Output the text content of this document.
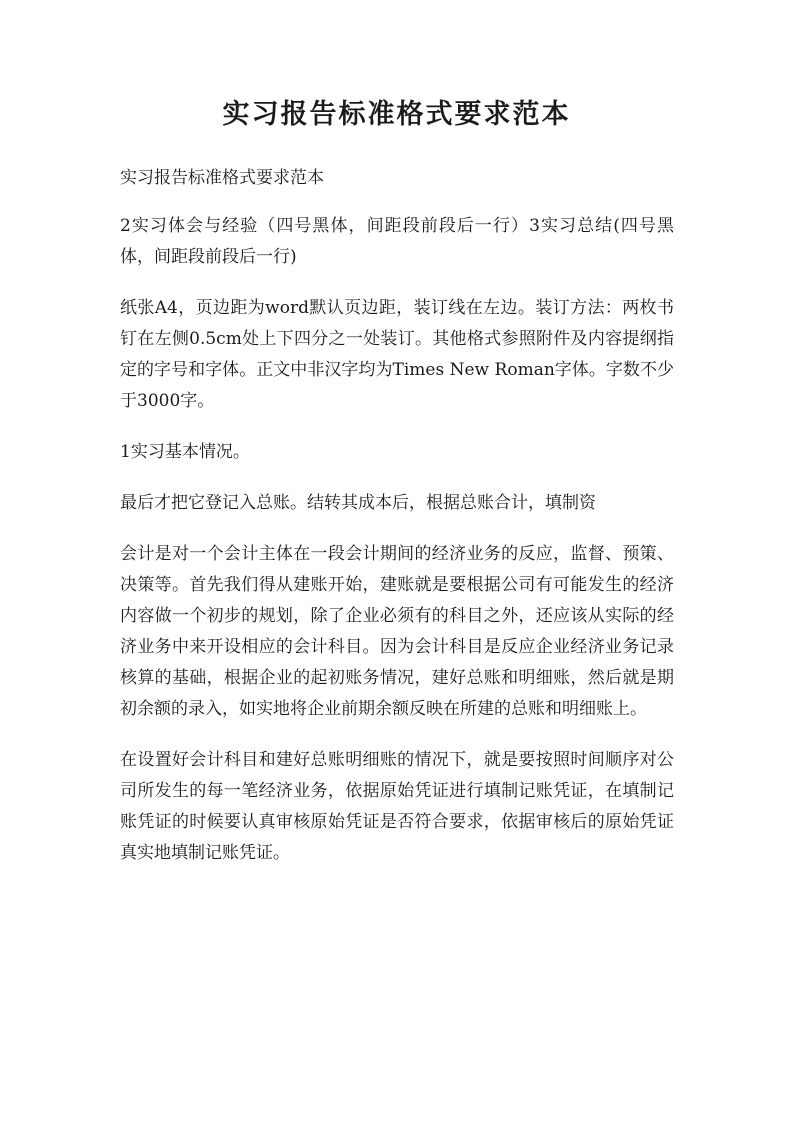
实习报告标准格式要求范本

实习报告标准格式要求范本

2实习体会与经验（四号黑体，间距段前段后一行）3实习总结(四号黑体，间距段前段后一行)

纸张A4，页边距为word默认页边距，装订线在左边。装订方法：两枚书钉在左侧0.5cm处上下四分之一处装订。其他格式参照附件及内容提纲指定的字号和字体。正文中非汉字均为Times New Roman字体。字数不少于3000字。

1实习基本情况。

最后才把它登记入总账。结转其成本后，根据总账合计，填制资

会计是对一个会计主体在一段会计期间的经济业务的反应，监督、预策、决策等。首先我们得从建账开始，建账就是要根据公司有可能发生的经济内容做一个初步的规划，除了企业必须有的科目之外，还应该从实际的经济业务中来开设相应的会计科目。因为会计科目是反应企业经济业务记录核算的基础，根据企业的起初账务情况，建好总账和明细账，然后就是期初余额的录入，如实地将企业前期余额反映在所建的总账和明细账上。

在设置好会计科目和建好总账明细账的情况下，就是要按照时间顺序对公司所发生的每一笔经济业务，依据原始凭证进行填制记账凭证，在填制记账凭证的时候要认真审核原始凭证是否符合要求，依据审核后的原始凭证真实地填制记账凭证。
